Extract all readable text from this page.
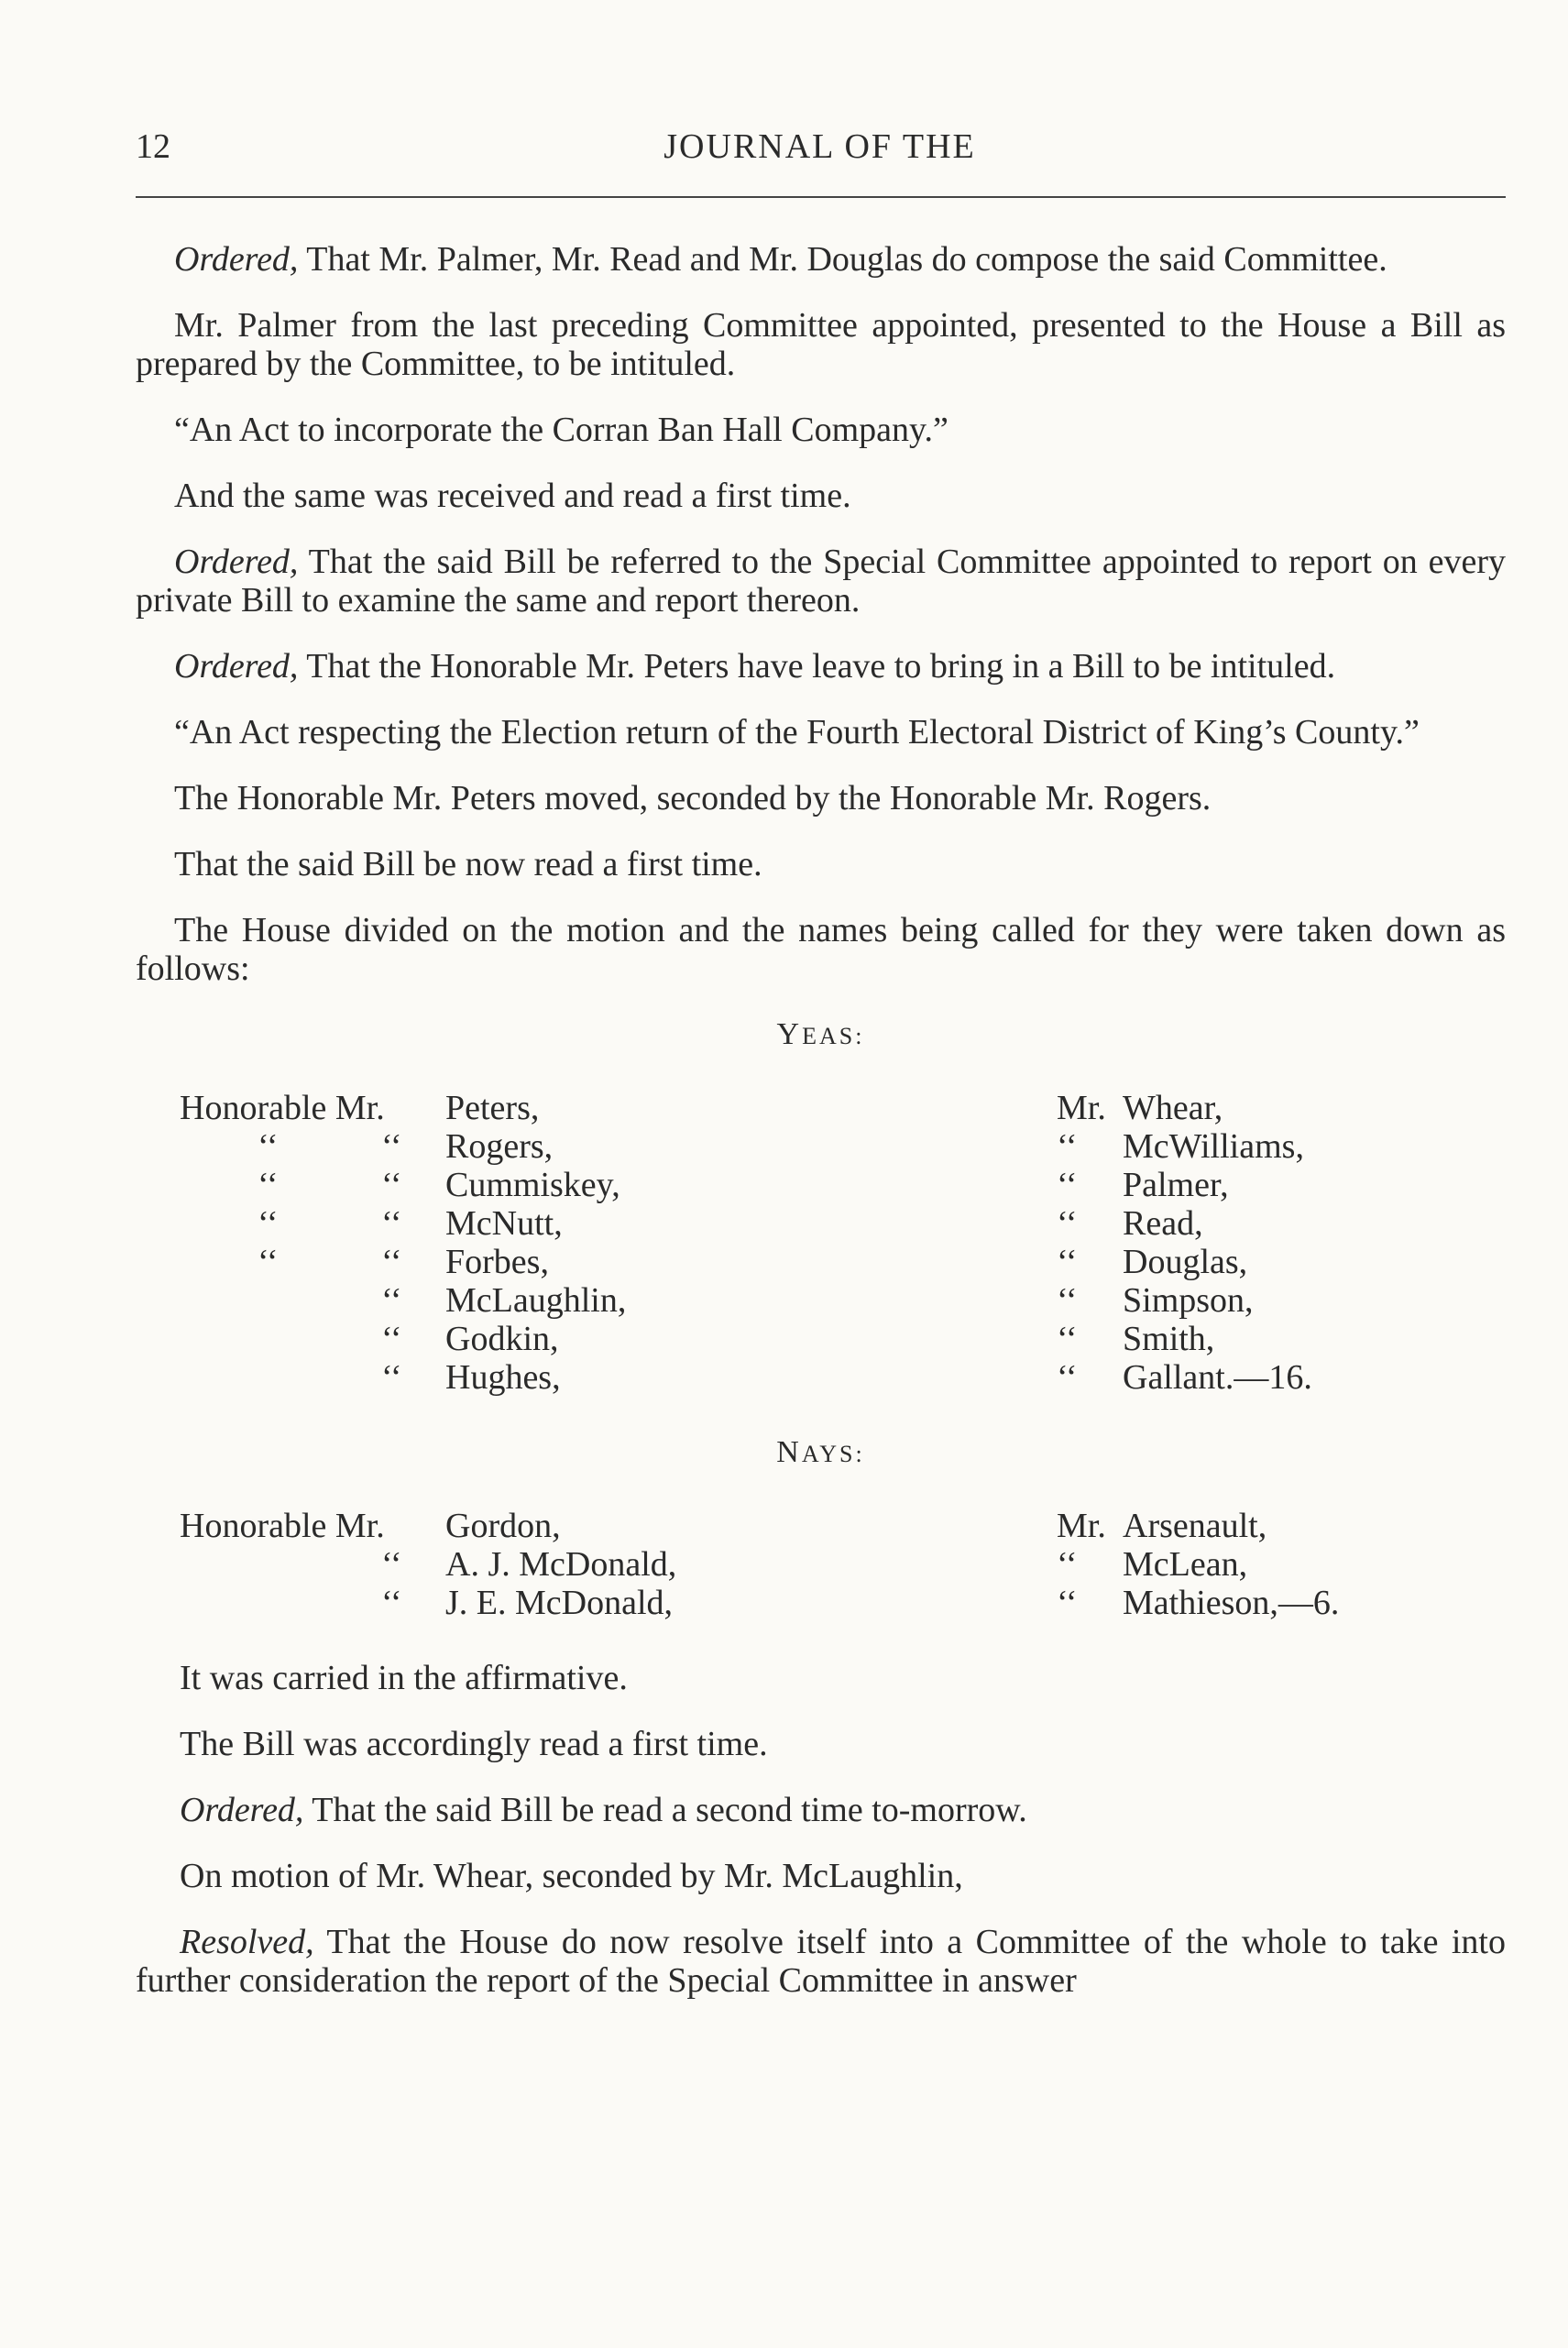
12	JOURNAL OF THE

Ordered, That Mr. Palmer, Mr. Read and Mr. Douglas do compose the said Committee.

Mr. Palmer from the last preceding Committee appointed, presented to the House a Bill as prepared by the Committee, to be intituled.

“An Act to incorporate the Corran Ban Hall Company.”

And the same was received and read a first time.

Ordered, That the said Bill be referred to the Special Committee appointed to report on every private Bill to examine the same and report thereon.

Ordered, That the Honorable Mr. Peters have leave to bring in a Bill to be intituled.

“An Act respecting the Election return of the Fourth Electoral District of King’s County.”

The Honorable Mr. Peters moved, seconded by the Honorable Mr. Rogers.

That the said Bill be now read a first time.

The House divided on the motion and the names being called for they were taken down as follows:

YEAS:
Honorable Mr. Peters,
‘‘	‘‘ Rogers,
‘‘	‘‘ Cummiskey,
‘‘	‘‘ McNutt,
‘‘	‘‘ Forbes,
‘‘ McLaughlin,
‘‘ Godkin,
‘‘ Hughes,
Mr. Whear,
‘‘ McWilliams,
‘‘ Palmer,
‘‘ Read,
‘‘ Douglas,
‘‘ Simpson,
‘‘ Smith,
‘‘ Gallant.—16.
NAYS:
Honorable Mr. Gordon,
‘‘ A. J. McDonald,
‘‘ J. E. McDonald,
Mr. Arsenault,
‘‘ McLean,
‘‘ Mathieson,—6.

It was carried in the affirmative.

The Bill was accordingly read a first time.

Ordered, That the said Bill be read a second time to-morrow.

On motion of Mr. Whear, seconded by Mr. McLaughlin,

Resolved, That the House do now resolve itself into a Committee of the whole to take into further consideration the report of the Special Committee in answer
